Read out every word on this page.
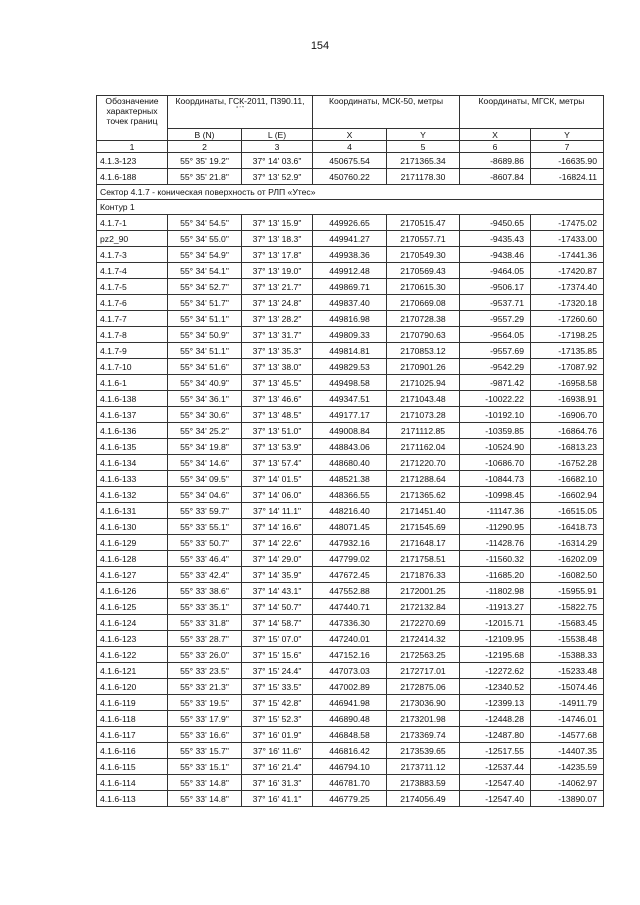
154
Обозначение характерных точек границ	Координаты, ГСК-2011, П390.11,
° ' "		Координаты, МСК-50, метры		Координаты, МГСК, метры	
	B (N)	L (E)	X	Y	X	Y
1	2	3	4	5	6	7
4.1.3-123	55° 35' 19.2"	37° 14' 03.6"	450675.54	2171365.34	-8689.86	-16635.90
4.1.6-188	55° 35' 21.8"	37° 13' 52.9"	450760.22	2171178.30	-8607.84	-16824.11
Сектор 4.1.7 - коническая поверхность от РЛП «Утес»						
Контур 1						
4.1.7-1	55° 34' 54.5"	37° 13' 15.9"	449926.65	2170515.47	-9450.65	-17475.02
pz2_90	55° 34' 55.0"	37° 13' 18.3"	449941.27	2170557.71	-9435.43	-17433.00
4.1.7-3	55° 34' 54.9"	37° 13' 17.8"	449938.36	2170549.30	-9438.46	-17441.36
4.1.7-4	55° 34' 54.1"	37° 13' 19.0"	449912.48	2170569.43	-9464.05	-17420.87
4.1.7-5	55° 34' 52.7"	37° 13' 21.7"	449869.71	2170615.30	-9506.17	-17374.40
4.1.7-6	55° 34' 51.7"	37° 13' 24.8"	449837.40	2170669.08	-9537.71	-17320.18
4.1.7-7	55° 34' 51.1"	37° 13' 28.2"	449816.98	2170728.38	-9557.29	-17260.60
4.1.7-8	55° 34' 50.9"	37° 13' 31.7"	449809.33	2170790.63	-9564.05	-17198.25
4.1.7-9	55° 34' 51.1"	37° 13' 35.3"	449814.81	2170853.12	-9557.69	-17135.85
4.1.7-10	55° 34' 51.6"	37° 13' 38.0"	449829.53	2170901.26	-9542.29	-17087.92
4.1.6-1	55° 34' 40.9"	37° 13' 45.5"	449498.58	2171025.94	-9871.42	-16958.58
4.1.6-138	55° 34' 36.1"	37° 13' 46.6"	449347.51	2171043.48	-10022.22	-16938.91
4.1.6-137	55° 34' 30.6"	37° 13' 48.5"	449177.17	2171073.28	-10192.10	-16906.70
4.1.6-136	55° 34' 25.2"	37° 13' 51.0"	449008.84	2171112.85	-10359.85	-16864.76
4.1.6-135	55° 34' 19.8"	37° 13' 53.9"	448843.06	2171162.04	-10524.90	-16813.23
4.1.6-134	55° 34' 14.6"	37° 13' 57.4"	448680.40	2171220.70	-10686.70	-16752.28
4.1.6-133	55° 34' 09.5"	37° 14' 01.5"	448521.38	2171288.64	-10844.73	-16682.10
4.1.6-132	55° 34' 04.6"	37° 14' 06.0"	448366.55	2171365.62	-10998.45	-16602.94
4.1.6-131	55° 33' 59.7"	37° 14' 11.1"	448216.40	2171451.40	-11147.36	-16515.05
4.1.6-130	55° 33' 55.1"	37° 14' 16.6"	448071.45	2171545.69	-11290.95	-16418.73
4.1.6-129	55° 33' 50.7"	37° 14' 22.6"	447932.16	2171648.17	-11428.76	-16314.29
4.1.6-128	55° 33' 46.4"	37° 14' 29.0"	447799.02	2171758.51	-11560.32	-16202.09
4.1.6-127	55° 33' 42.4"	37° 14' 35.9"	447672.45	2171876.33	-11685.20	-16082.50
4.1.6-126	55° 33' 38.6"	37° 14' 43.1"	447552.88	2172001.25	-11802.98	-15955.91
4.1.6-125	55° 33' 35.1"	37° 14' 50.7"	447440.71	2172132.84	-11913.27	-15822.75
4.1.6-124	55° 33' 31.8"	37° 14' 58.7"	447336.30	2172270.69	-12015.71	-15683.45
4.1.6-123	55° 33' 28.7"	37° 15' 07.0"	447240.01	2172414.32	-12109.95	-15538.48
4.1.6-122	55° 33' 26.0"	37° 15' 15.6"	447152.16	2172563.25	-12195.68	-15388.33
4.1.6-121	55° 33' 23.5"	37° 15' 24.4"	447073.03	2172717.01	-12272.62	-15233.48
4.1.6-120	55° 33' 21.3"	37° 15' 33.5"	447002.89	2172875.06	-12340.52	-15074.46
4.1.6-119	55° 33' 19.5"	37° 15' 42.8"	446941.98	2173036.90	-12399.13	-14911.79
4.1.6-118	55° 33' 17.9"	37° 15' 52.3"	446890.48	2173201.98	-12448.28	-14746.01
4.1.6-117	55° 33' 16.6"	37° 16' 01.9"	446848.58	2173369.74	-12487.80	-14577.68
4.1.6-116	55° 33' 15.7"	37° 16' 11.6"	446816.42	2173539.65	-12517.55	-14407.35
4.1.6-115	55° 33' 15.1"	37° 16' 21.4"	446794.10	2173711.12	-12537.44	-14235.59
4.1.6-114	55° 33' 14.8"	37° 16' 31.3"	446781.70	2173883.59	-12547.40	-14062.97
4.1.6-113	55° 33' 14.8"	37° 16' 41.1"	446779.25	2174056.49	-12547.40	-13890.07
